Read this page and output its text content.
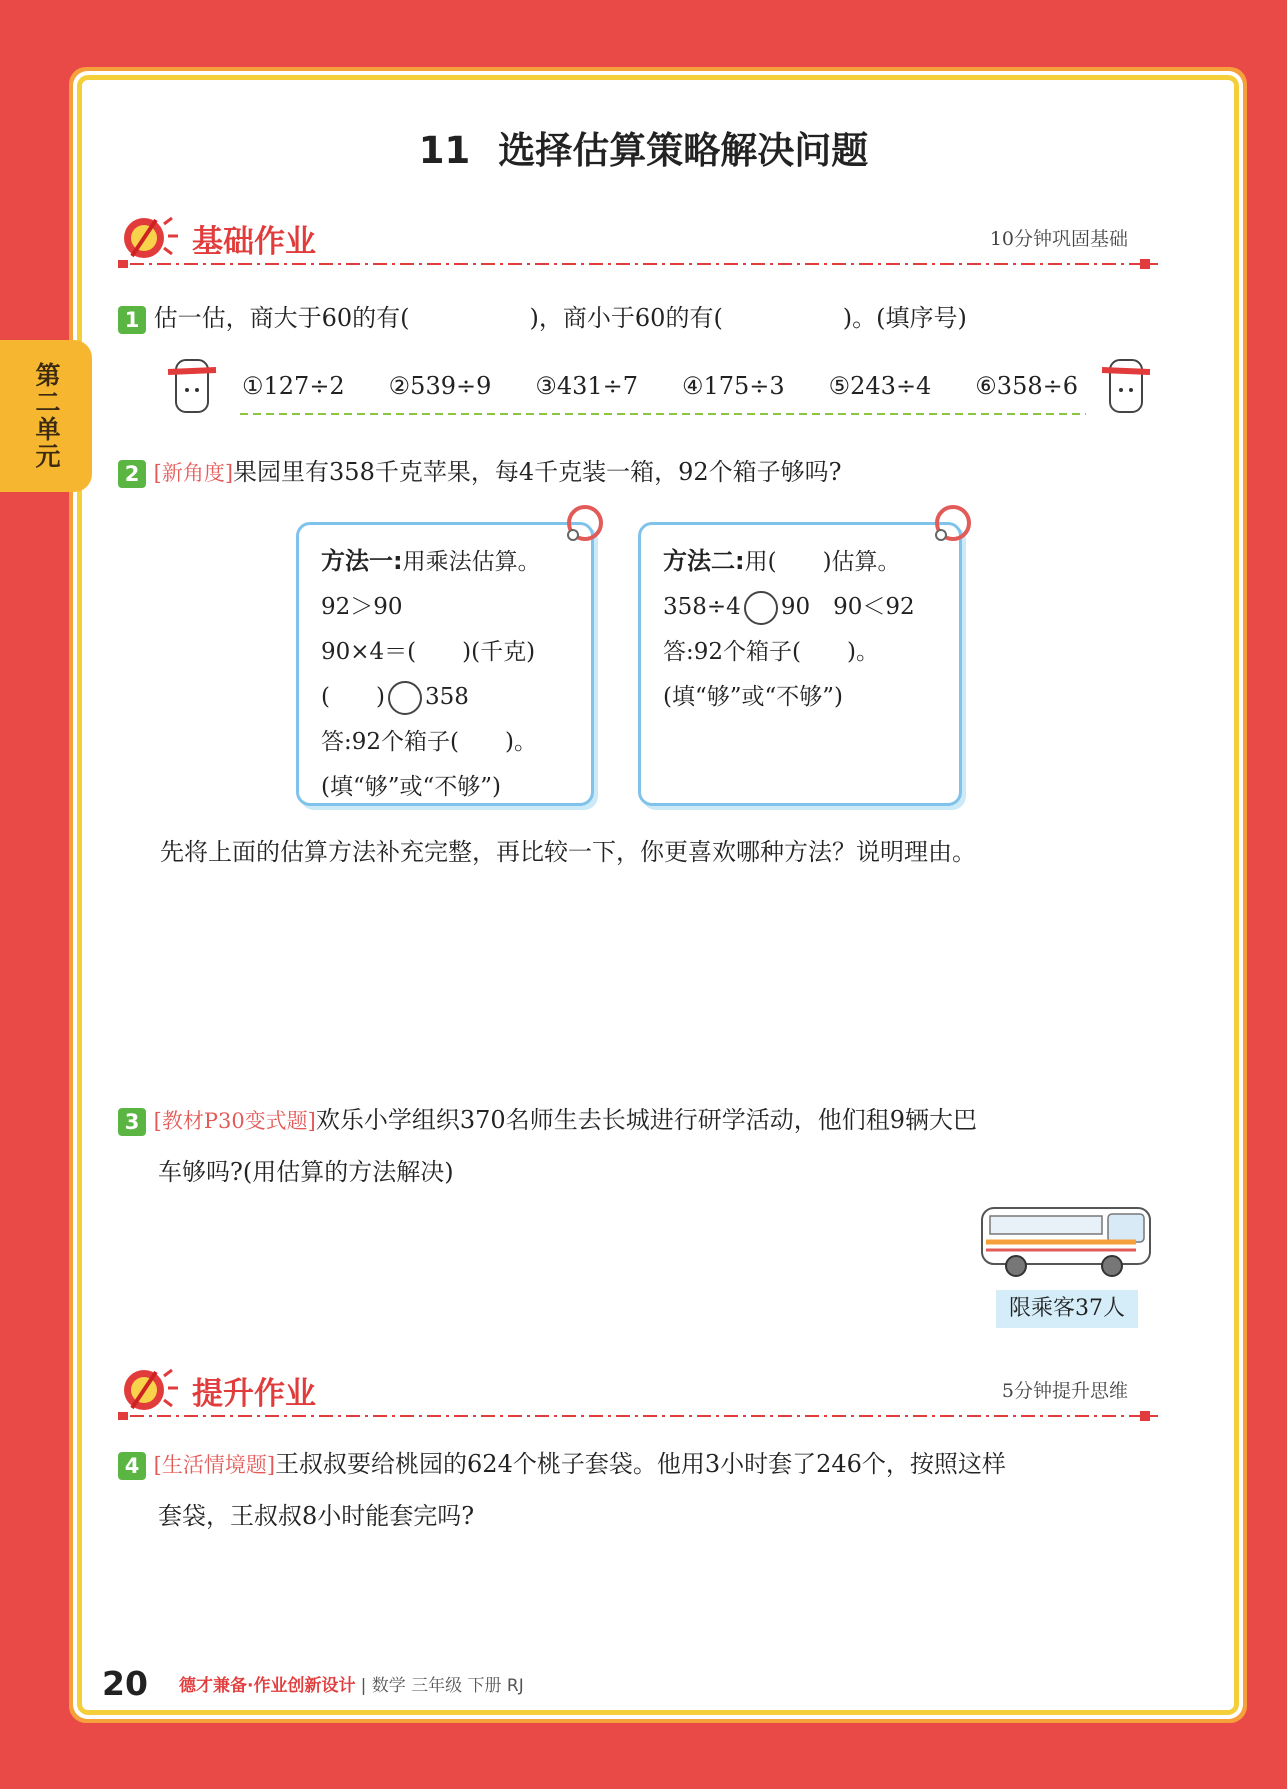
第二单元
11 选择估算策略解决问题
基础作业	10分钟巩固基础
1 估一估，商大于60的有(　　　　　)，商小于60的有(　　　　　)。(填序号)
①127÷2 ②539÷9 ③431÷7 ④175÷3 ⑤243÷4 ⑥358÷6
2 [新角度]果园里有358千克苹果，每4千克装一箱，92个箱子够吗?
方法一:用乘法估算。
92＞90
90×4＝(　　)(千克)
(　　) 358
答:92个箱子(　　)。
(填“够”或“不够”)
方法二:用(　　)估算。
358÷4 90　90＜92
答:92个箱子(　　)。
(填“够”或“不够”)
先将上面的估算方法补充完整，再比较一下，你更喜欢哪种方法？说明理由。
3 [教材P30变式题]欢乐小学组织370名师生去长城进行研学活动，他们租9辆大巴
车够吗?(用估算的方法解决)
限乘客37人
提升作业	5分钟提升思维
4 [生活情境题]王叔叔要给桃园的624个桃子套袋。他用3小时套了246个，按照这样
套袋，王叔叔8小时能套完吗?
20 德才兼备·作业创新设计 | 数学 三年级 下册 RJ
